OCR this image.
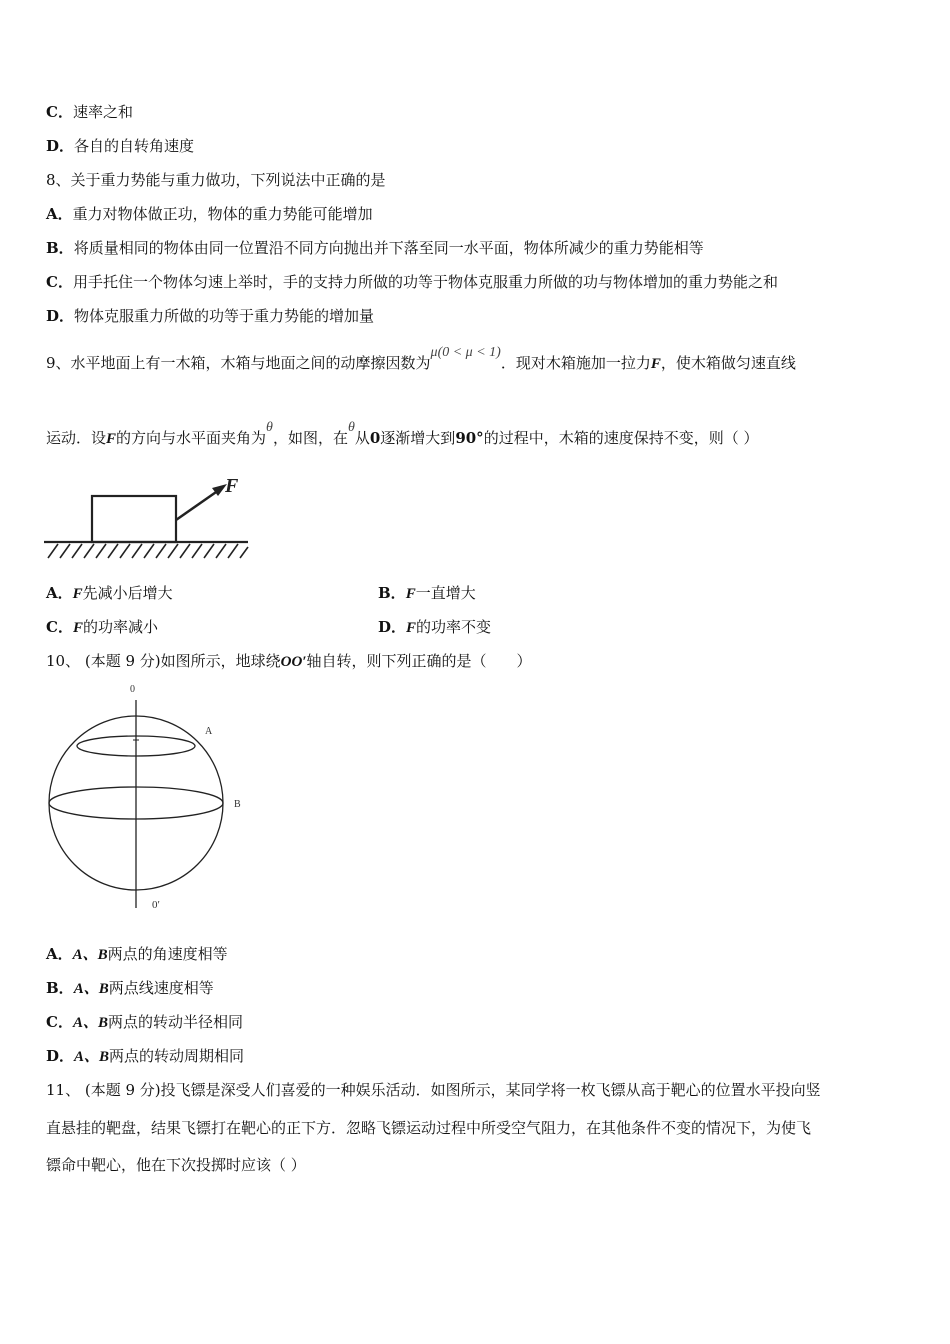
C．速率之和
D．各自的自转角速度
8、关于重力势能与重力做功，下列说法中正确的是
A．重力对物体做正功，物体的重力势能可能增加
B．将质量相同的物体由同一位置沿不同方向抛出并下落至同一水平面，物体所减少的重力势能相等
C．用手托住一个物体匀速上举时，手的支持力所做的功等于物体克服重力所做的功与物体增加的重力势能之和
D．物体克服重力所做的功等于重力势能的增加量
9、水平地面上有一木箱，木箱与地面之间的动摩擦因数为μ(0 < μ < 1)．现对木箱施加一拉力F，使木箱做匀速直线
运动．设F的方向与水平面夹角为θ，如图，在θ从0逐渐增大到90°的过程中，木箱的速度保持不变，则（ ）
F
A．F先减小后增大	B．F一直增大
C．F的功率减小	D．F的功率不变
10、 (本题 9 分)如图所示，地球绕OO′轴自转，则下列正确的是（　　）
0
A
B
0′
A．A、B两点的角速度相等
B．A、B两点线速度相等
C．A、B两点的转动半径相同
D．A、B两点的转动周期相同
11、 (本题 9 分)投飞镖是深受人们喜爱的一种娱乐活动．如图所示，某同学将一枚飞镖从高于靶心的位置水平投向竖
直悬挂的靶盘，结果飞镖打在靶心的正下方．忽略飞镖运动过程中所受空气阻力，在其他条件不变的情况下，为使飞
镖命中靶心，他在下次投掷时应该（ ）
